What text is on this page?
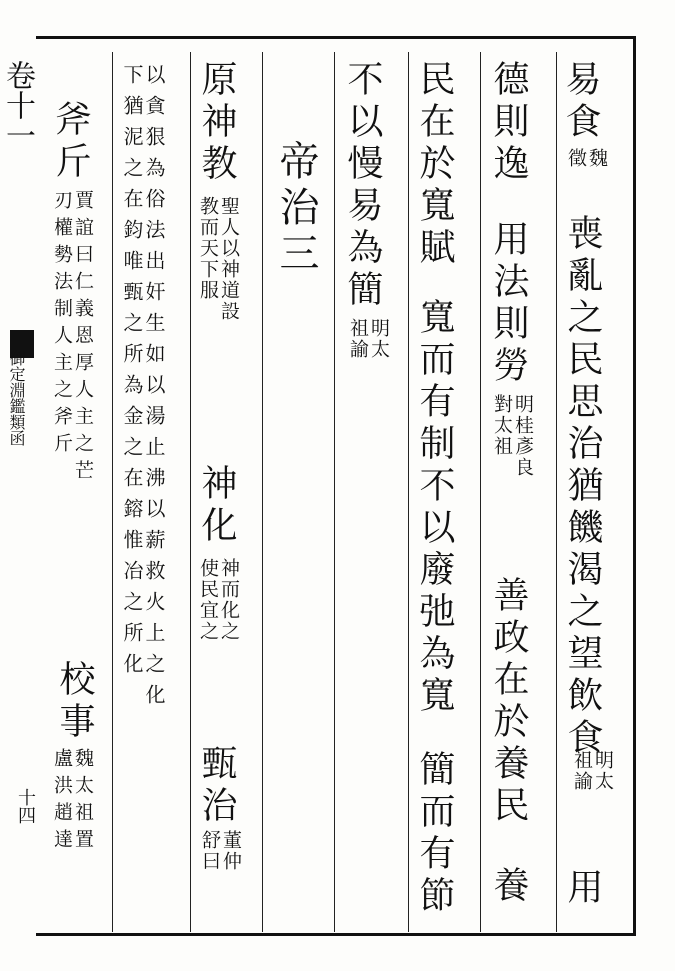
卷十一
御定淵鑑類函
十四
易食
魏
徵
喪亂之民思治猶饑渴之望飲食
明太
祖諭
用
德則逸
用法則勞
明桂彥良
對太祖
善政在於養民
養
民在於寬賦
寬而有制不以廢弛為寬
簡而有節
不以慢易為簡
明太
祖諭
帝治三
原神教
聖人以神道設
教而天下服
神化
神而化之
使民宜之
甄治
董仲
舒曰
以貪狠為俗法出奸生如以湯止沸以薪救火上之化
下猶泥之在鈞唯甄之所為金之在鎔惟冶之所化
斧斤
賈誼曰仁義恩厚人主之芒
刃權勢法制人主之斧斤
校事
魏太祖置
盧洪趙達
